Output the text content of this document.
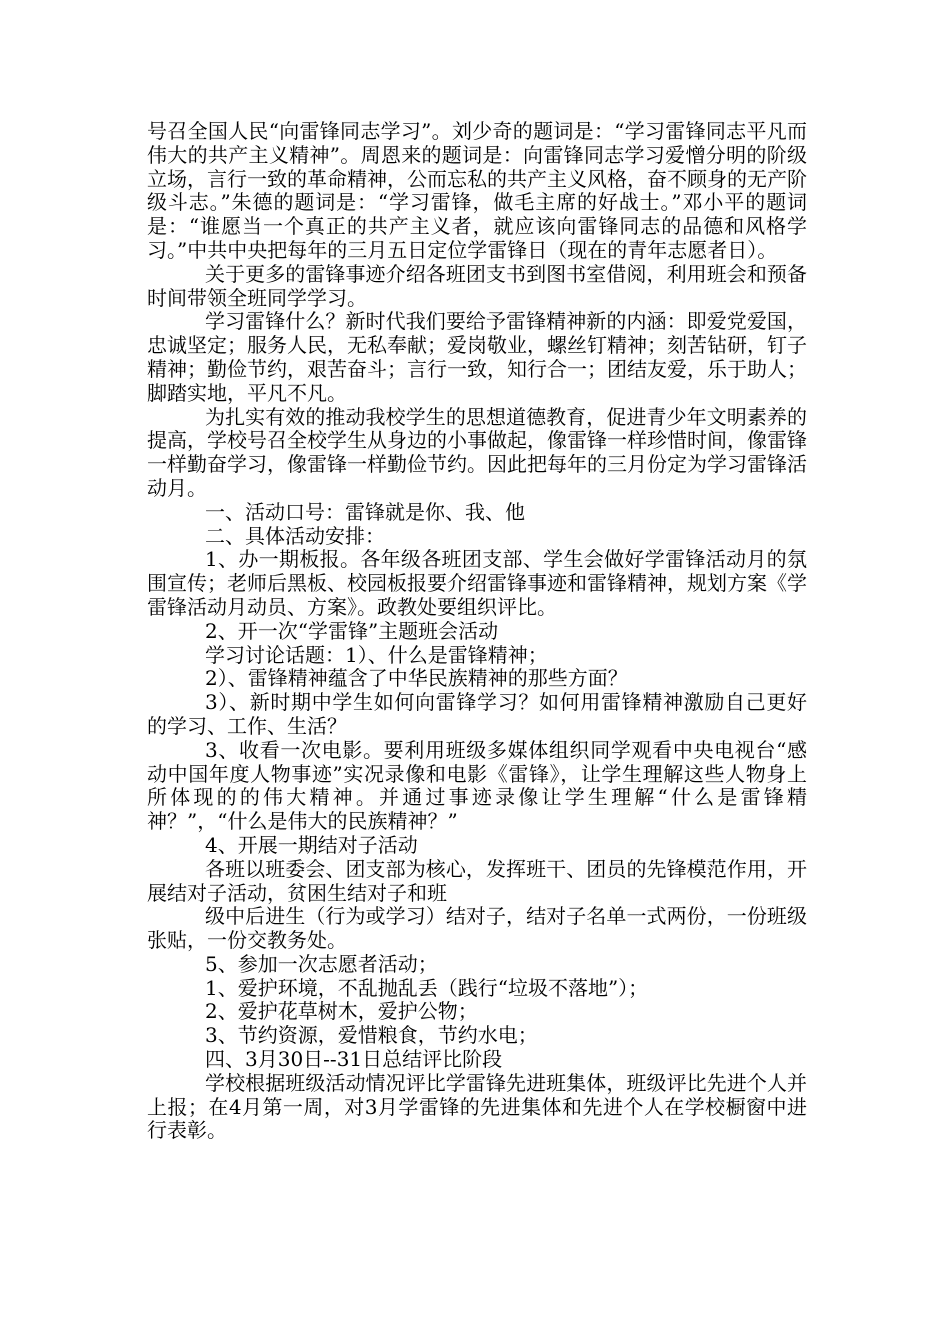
号召全国人民“向雷锋同志学习”。刘少奇的题词是：“学习雷锋同志平凡而伟大的共产主义精神”。周恩来的题词是：向雷锋同志学习爱憎分明的阶级立场，言行一致的革命精神，公而忘私的共产主义风格，奋不顾身的无产阶级斗志。”朱德的题词是：“学习雷锋，做毛主席的好战士。”邓小平的题词是：“谁愿当一个真正的共产主义者，就应该向雷锋同志的品德和风格学习。”中共中央把每年的三月五日定位学雷锋日（现在的青年志愿者日）。

关于更多的雷锋事迹介绍各班团支书到图书室借阅，利用班会和预备时间带领全班同学学习。

学习雷锋什么？新时代我们要给予雷锋精神新的内涵：即爱党爱国，忠诚坚定；服务人民，无私奉献；爱岗敬业，螺丝钉精神；刻苦钻研，钉子精神；勤俭节约，艰苦奋斗；言行一致，知行合一；团结友爱，乐于助人；脚踏实地，平凡不凡。

为扎实有效的推动我校学生的思想道德教育，促进青少年文明素养的提高，学校号召全校学生从身边的小事做起，像雷锋一样珍惜时间，像雷锋一样勤奋学习，像雷锋一样勤俭节约。因此把每年的三月份定为学习雷锋活动月。

一、活动口号：雷锋就是你、我、他

二、具体活动安排：

1、办一期板报。各年级各班团支部、学生会做好学雷锋活动月的氛围宣传；老师后黑板、校园板报要介绍雷锋事迹和雷锋精神，规划方案《学雷锋活动月动员、方案》。政教处要组织评比。

2、开一次“学雷锋”主题班会活动

学习讨论话题：1）、什么是雷锋精神；

2）、雷锋精神蕴含了中华民族精神的那些方面？

3）、新时期中学生如何向雷锋学习？如何用雷锋精神激励自己更好的学习、工作、生活？

3、收看一次电影。要利用班级多媒体组织同学观看中央电视台“感动中国年度人物事迹”实况录像和电影《雷锋》，让学生理解这些人物身上所体现的的伟大精神。并通过事迹录像让学生理解“什么是雷锋精神？”，“什么是伟大的民族精神？”

4、开展一期结对子活动

各班以班委会、团支部为核心，发挥班干、团员的先锋模范作用，开展结对子活动，贫困生结对子和班

级中后进生（行为或学习）结对子，结对子名单一式两份，一份班级张贴，一份交教务处。

5、参加一次志愿者活动；

1、爱护环境，不乱抛乱丢（践行“垃圾不落地”）；

2、爱护花草树木，爱护公物；

3、节约资源，爱惜粮食，节约水电；

四、3月30日--31日总结评比阶段

学校根据班级活动情况评比学雷锋先进班集体，班级评比先进个人并上报；在4月第一周，对3月学雷锋的先进集体和先进个人在学校橱窗中进行表彰。
